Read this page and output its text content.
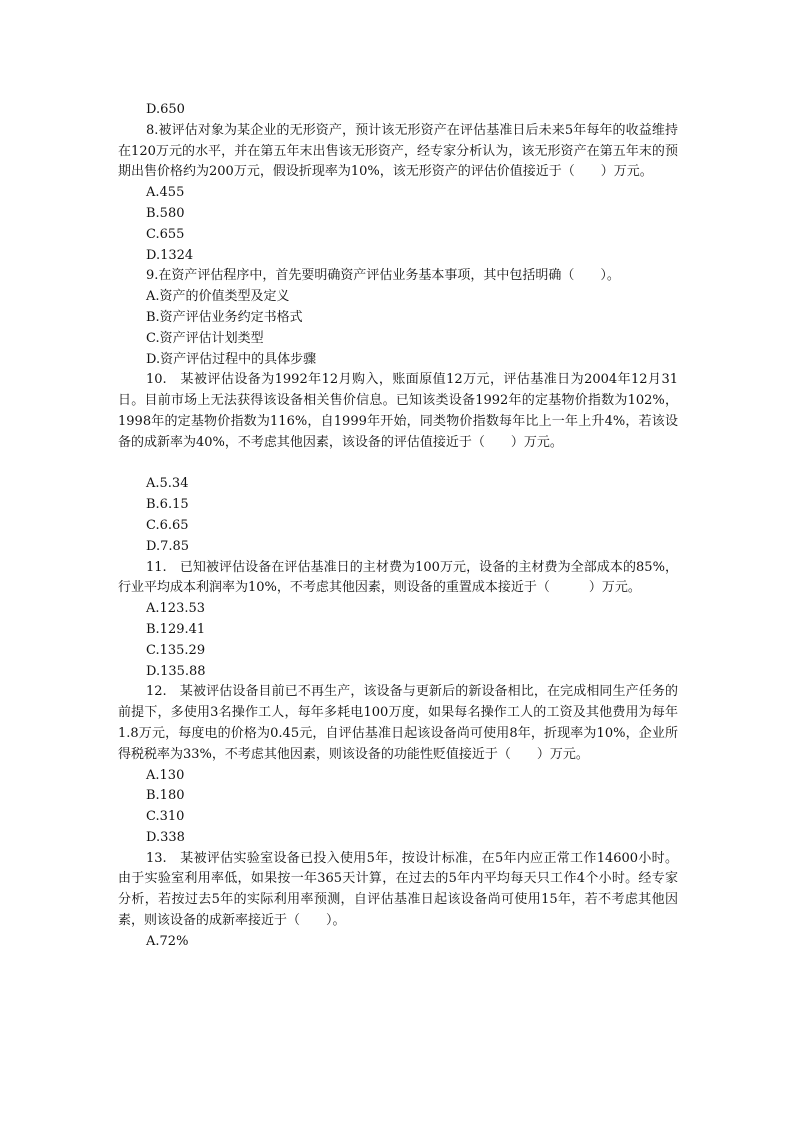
D.650

8.被评估对象为某企业的无形资产，预计该无形资产在评估基准日后未来5年每年的收益维持在120万元的水平，并在第五年末出售该无形资产，经专家分析认为，该无形资产在第五年末的预期出售价格约为200万元，假设折现率为10%，该无形资产的评估价值接近于（　　）万元。

A.455
B.580
C.655
D.1324

9.在资产评估程序中，首先要明确资产评估业务基本事项，其中包括明确（　　）。

A.资产的价值类型及定义
B.资产评估业务约定书格式
C.资产评估计划类型
D.资产评估过程中的具体步骤

10.　某被评估设备为1992年12月购入，账面原值12万元，评估基准日为2004年12月31日。目前市场上无法获得该设备相关售价信息。已知该类设备1992年的定基物价指数为102%，1998年的定基物价指数为116%，自1999年开始，同类物价指数每年比上一年上升4%，若该设备的成新率为40%，不考虑其他因素，该设备的评估值接近于（　　）万元。

A.5.34
B.6.15
C.6.65
D.7.85

11.　已知被评估设备在评估基准日的主材费为100万元，设备的主材费为全部成本的85%，行业平均成本利润率为10%，不考虑其他因素，则设备的重置成本接近于（　　　）万元。

A.123.53
B.129.41
C.135.29
D.135.88

12.　某被评估设备目前已不再生产，该设备与更新后的新设备相比，在完成相同生产任务的前提下，多使用3名操作工人，每年多耗电100万度，如果每名操作工人的工资及其他费用为每年1.8万元，每度电的价格为0.45元，自评估基准日起该设备尚可使用8年，折现率为10%，企业所得税税率为33%，不考虑其他因素，则该设备的功能性贬值接近于（　　）万元。

A.130
B.180
C.310
D.338

13.　某被评估实验室设备已投入使用5年，按设计标准，在5年内应正常工作14600小时。由于实验室利用率低，如果按一年365天计算，在过去的5年内平均每天只工作4个小时。经专家分析，若按过去5年的实际利用率预测，自评估基准日起该设备尚可使用15年，若不考虑其他因素，则该设备的成新率接近于（　　）。

A.72%
